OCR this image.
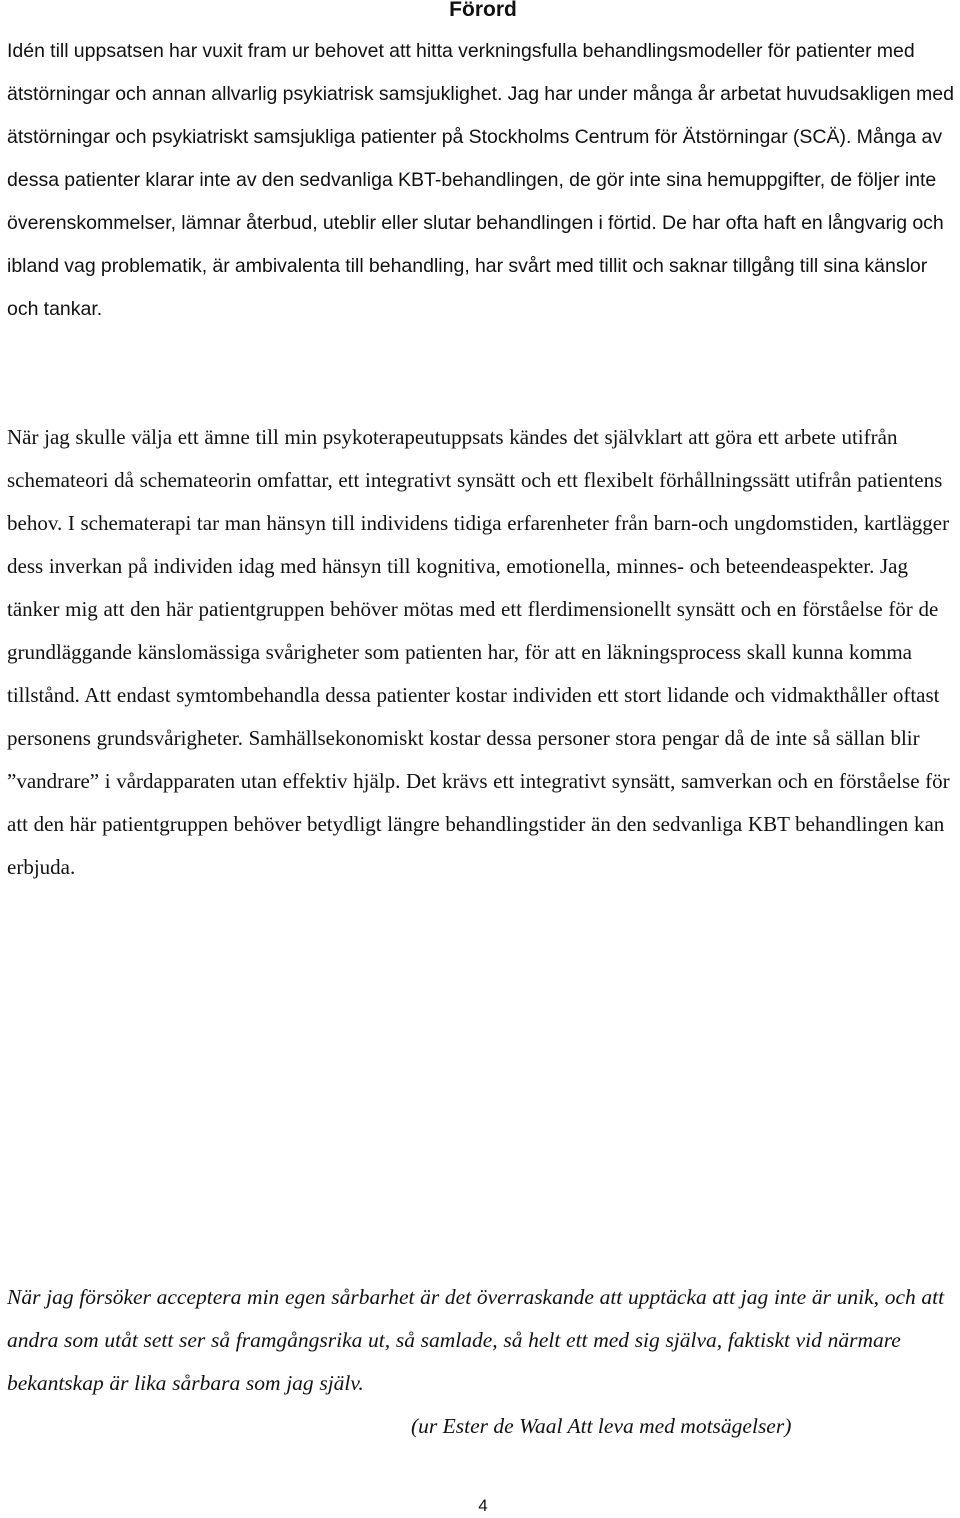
Förord

Idén till uppsatsen har vuxit fram ur behovet att hitta verkningsfulla behandlingsmodeller för patienter med ätstörningar och annan allvarlig psykiatrisk samsjuklighet. Jag har under många år arbetat huvudsakligen med ätstörningar och psykiatriskt samsjukliga patienter på Stockholms Centrum för Ätstörningar (SCÄ). Många av dessa patienter klarar inte av den sedvanliga KBT-behandlingen, de gör inte sina hemuppgifter, de följer inte överenskommelser, lämnar återbud, uteblir eller slutar behandlingen i förtid. De har ofta haft en långvarig och ibland vag problematik, är ambivalenta till behandling, har svårt med tillit och saknar tillgång till sina känslor och tankar.

När jag skulle välja ett ämne till min psykoterapeutuppsats kändes det självklart att göra ett arbete utifrån schemateori då schemateorin omfattar, ett integrativt synsätt och ett flexibelt förhållningssätt utifrån patientens behov. I schematerapi tar man hänsyn till individens tidiga erfarenheter från barn-och ungdomstiden, kartlägger dess inverkan på individen idag med hänsyn till kognitiva, emotionella, minnes- och beteendeaspekter. Jag tänker mig att den här patientgruppen behöver mötas med ett flerdimensionellt synsätt och en förståelse för de grundläggande känslomässiga svårigheter som patienten har, för att en läkningsprocess skall kunna komma tillstånd. Att endast symtombehandla dessa patienter kostar individen ett stort lidande och vidmakthåller oftast personens grundsvårigheter. Samhällsekonomiskt kostar dessa personer stora pengar då de inte så sällan blir ”vandrare” i vårdapparaten utan effektiv hjälp. Det krävs ett integrativt synsätt, samverkan och en förståelse för att den här patientgruppen behöver betydligt längre behandlingstider än den sedvanliga KBT behandlingen kan erbjuda.

När jag försöker acceptera min egen sårbarhet är det överraskande att upptäcka att jag inte är unik, och att andra som utåt sett ser så framgångsrika ut, så samlade, så helt ett med sig själva, faktiskt vid närmare bekantskap är lika sårbara som jag själv.

(ur Ester de Waal Att leva med motsägelser)

4
